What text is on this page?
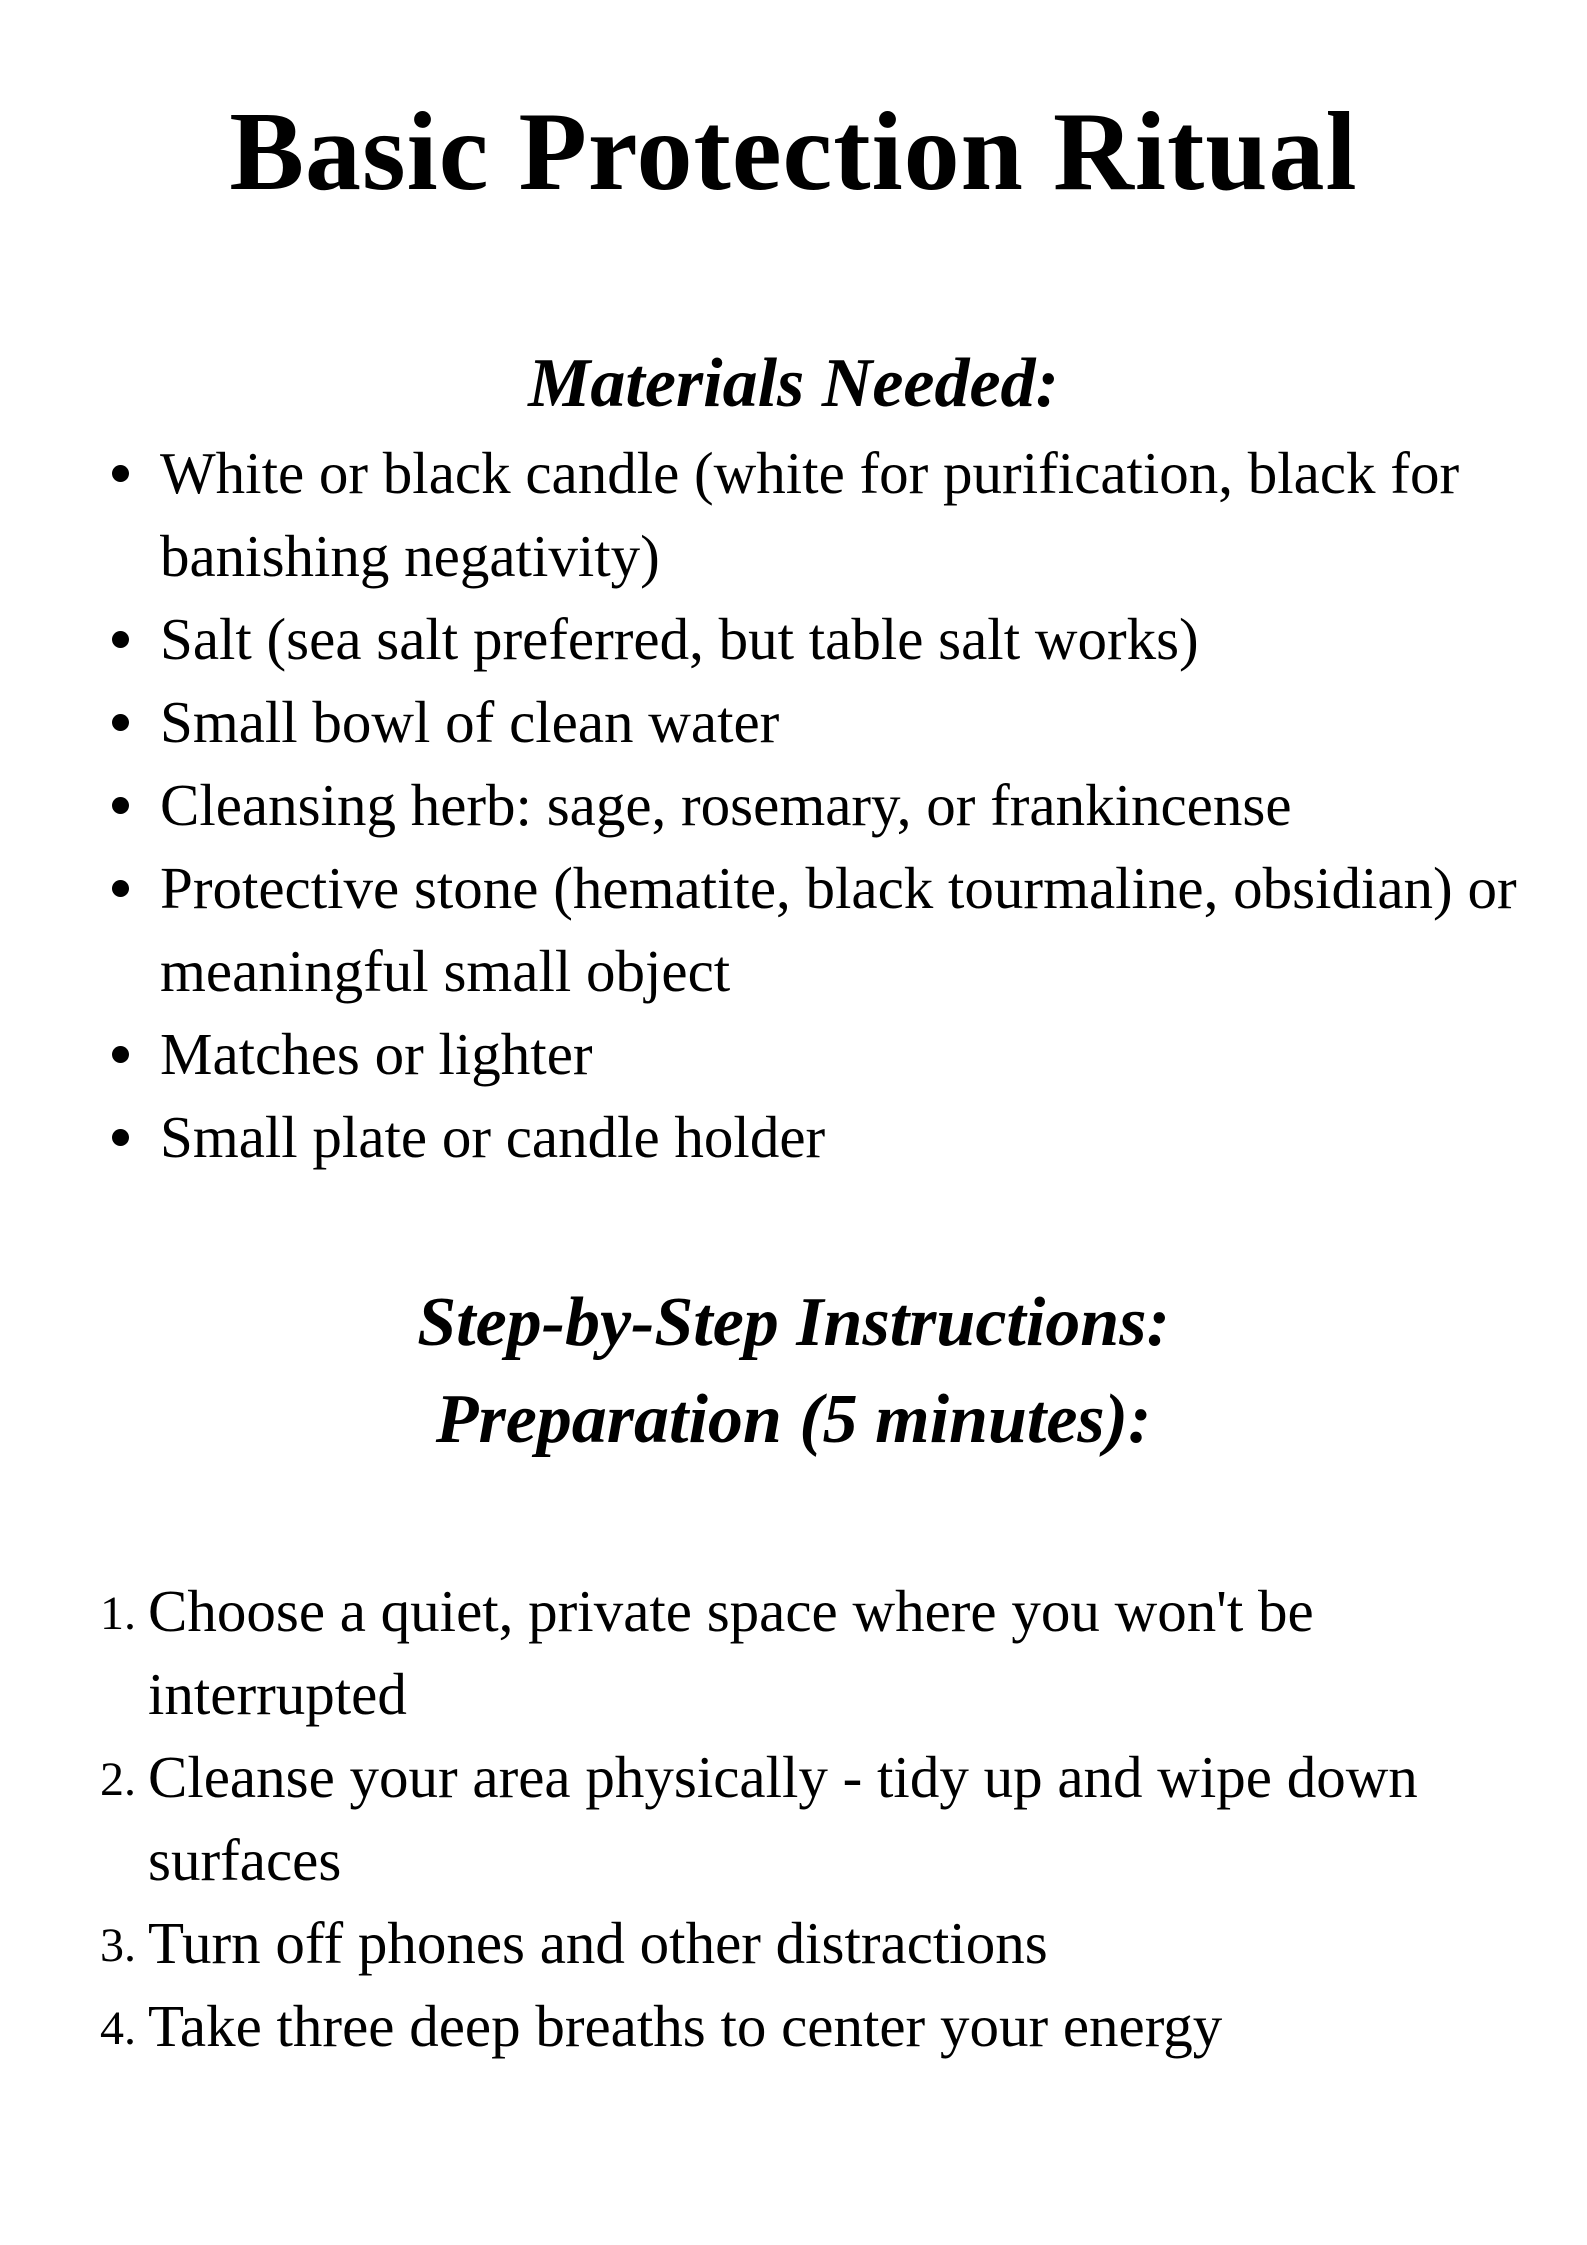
Basic Protection Ritual
Materials Needed:
White or black candle (white for purification, black for banishing negativity)
Salt (sea salt preferred, but table salt works)
Small bowl of clean water
Cleansing herb: sage, rosemary, or frankincense
Protective stone (hematite, black tourmaline, obsidian) or meaningful small object
Matches or lighter
Small plate or candle holder
Step-by-Step Instructions:
Preparation (5 minutes):
1. Choose a quiet, private space where you won't be interrupted
2. Cleanse your area physically - tidy up and wipe down surfaces
3. Turn off phones and other distractions
4. Take three deep breaths to center your energy
